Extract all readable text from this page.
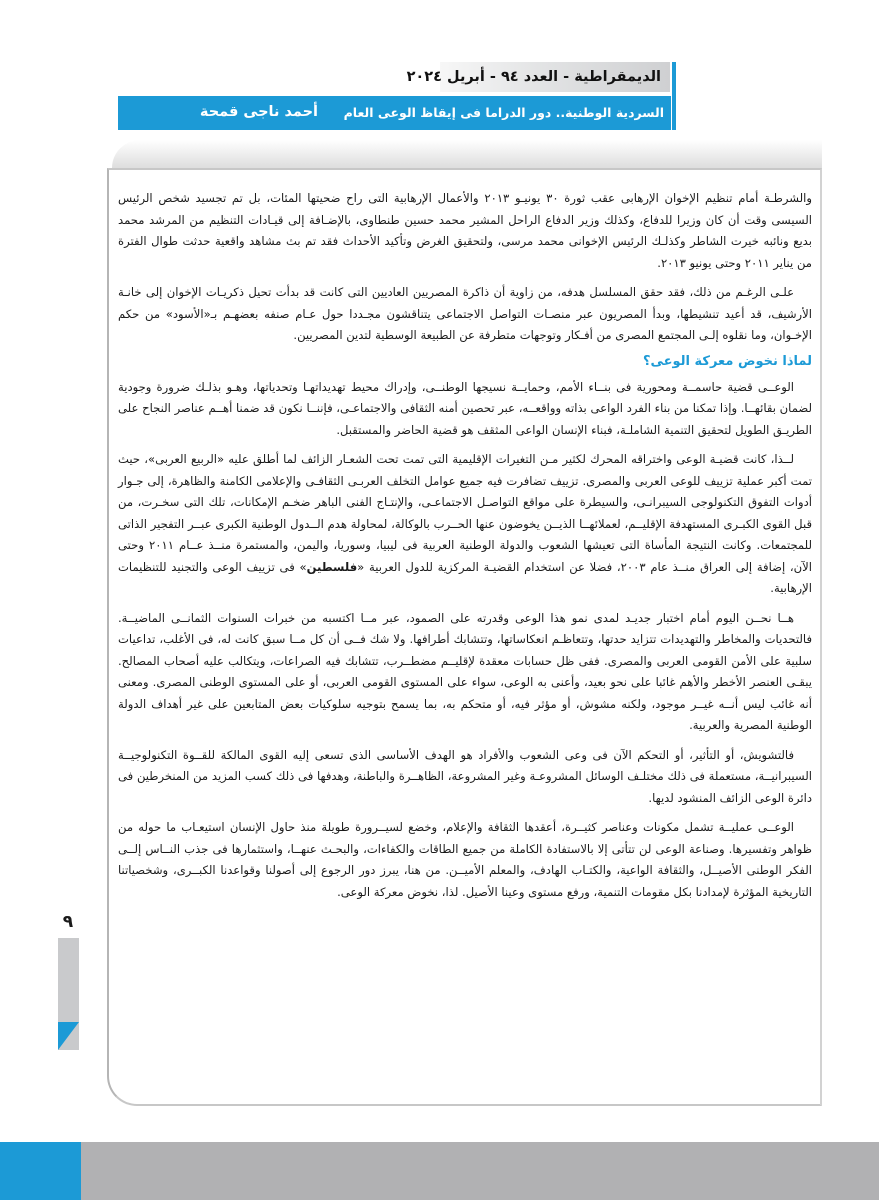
الديمقراطية - العدد ٩٤ - أبريل ٢٠٢٤
السردية الوطنية.. دور الدراما فى إيقاظ الوعى العام
أحمد ناجى قمحة

والشرطـة أمام تنظيم الإخوان الإرهابى عقب ثورة ٣٠ يونيـو ٢٠١٣ والأعمال الإرهابية التى راح ضحيتها المئات، بل تم تجسيد شخص الرئيس السيسى وقت أن كان وزيرا للدفاع، وكذلك وزير الدفاع الراحل المشير محمد حسين طنطاوى، بالإضـافة إلى قيـادات التنظيم من المرشد محمد بديع ونائبه خيرت الشاطر وكذلـك الرئيس الإخوانى محمد مرسى، ولتحقيق الغرض وتأكيد الأحداث فقد تم بث مشاهد واقعية حدثت طوال الفترة من يناير ٢٠١١ وحتى يونيو ٢٠١٣.

علـى الرغـم من ذلك، فقد حقق المسلسل هدفه، من زاوية أن ذاكرة المصريين العاديين التى كانت قد بدأت تحيل ذكريـات الإخوان إلى خانـة الأرشيف، قد أعيد تنشيطها، وبدأ المصريون عبر منصـات التواصل الاجتماعى يتناقشون مجـددا حول عـام صنفه بعضهـم بـ«الأسود» من حكم الإخـوان، وما نقلوه إلـى المجتمع المصرى من أفـكار وتوجهات متطرفة عن الطبيعة الوسطية لتدين المصريين.

لماذا نخوض معركة الوعى؟

الوعــى قضية حاسمــة ومحورية فى بنــاء الأمم، وحمايــة نسيجها الوطنــى، وإدراك محيط تهديداتهـا وتحدياتها، وهـو بذلـك ضرورة وجودية لضمان بقائهــا. وإذا تمكنا من بناء الفرد الواعى بذاته وواقعــه، عبر تحصين أمنه الثقافى والاجتماعـى، فإننــا نكون قد ضمنا أهــم عناصر النجاح على الطريـق الطويل لتحقيق التنمية الشاملـة، فبناء الإنسان الواعى المثقف هو قضية الحاضر والمستقبل.

لــذا، كانت قضيـة الوعى واختراقه المحرك لكثير مـن التغيرات الإقليمية التى تمت تحت الشعـار الزائف لما أطلق عليه «الربيع العربى»، حيث تمت أكبر عملية تزييف للوعى العربى والمصرى. تزييف تضافرت فيه جميع عوامل التخلف العربـى الثقافـى والإعلامى الكامنة والظاهرة، إلى جـوار أدوات التفوق التكنولوجى السيبرانـى، والسيطرة على مواقع التواصـل الاجتماعـى، والإنتـاج الفنى الباهر ضخـم الإمكانات، تلك التى سخـرت، من قبل القوى الكبـرى المستهدفة الإقليــم، لعملائهــا الذيــن يخوضون عنها الحــرب بالوكالة، لمحاولة هدم الــدول الوطنية الكبرى عبــر التفجير الذاتى للمجتمعات. وكانت النتيجة المأساة التى تعيشها الشعوب والدولة الوطنية العربية فى ليبيا، وسوريا، واليمن، والمستمرة منــذ عــام ٢٠١١ وحتى الآن، إضافة إلى العراق منــذ عام ٢٠٠٣، فضلا عن استخدام القضيـة المركزية للدول العربية «فلسطين» فى تزييف الوعى والتجنيد للتنظيمات الإرهابية.

هــا نحــن اليوم أمام اختبار جديـد لمدى نمو هذا الوعى وقدرته على الصمود، عبر مــا اكتسبه من خبرات السنوات الثمانــى الماضيــة. فالتحديات والمخاطر والتهديدات تتزايد حدتها، وتتعاظـم انعكاساتها، وتتشابك أطرافها. ولا شك فــى أن كل مــا سبق كانت له، فى الأغلب، تداعيات سلبية على الأمن القومى العربى والمصرى. ففى ظل حسابات معقدة لإقليــم مضطــرب، تتشابك فيه الصراعات، ويتكالب عليه أصحاب المصالح. يبقـى العنصر الأخطر والأهم غائبا على نحو بعيد، وأعنى به الوعى، سواء على المستوى القومى العربى، أو على المستوى الوطنى المصرى. ومعنى أنه غائب ليس أنــه غيــر موجود، ولكنه مشوش، أو مؤثر فيه، أو متحكم به، بما يسمح بتوجيه سلوكيات بعض المتابعين على غير أهداف الدولة الوطنية المصرية والعربية.

فالتشويش، أو التأثير، أو التحكم الآن فى وعى الشعوب والأفراد هو الهدف الأساسى الذى تسعى إليه القوى المالكة للقــوة التكنولوجيــة السيبرانيــة، مستعملة فى ذلك مختلـف الوسائل المشروعـة وغير المشروعة، الظاهــرة والباطنة، وهدفها فى ذلك كسب المزيد من المنخرطين فى دائرة الوعى الزائف المنشود لديها.

الوعــى عمليــة تشمل مكونات وعناصر كثيــرة، أعقدها الثقافة والإعلام، وخضع لسيــرورة طويلة منذ حاول الإنسان استيعـاب ما حوله من ظواهر وتفسيرها. وصناعة الوعى لن تتأتى إلا بالاستفادة الكاملة من جميع الطاقات والكفاءات، والبحـث عنهــا، واستثمارها فى جذب النــاس إلــى الفكر الوطنى الأصيــل، والثقافة الواعية، والكتـاب الهادف، والمعلم الأميــن. من هنا، يبرز دور الرجوع إلى أصولنا وقواعدنا الكبــرى، وشخصياتنا التاريخية المؤثرة لإمدادنا بكل مقومات التنمية، ورفع مستوى وعينا الأصيل. لذا، نخوض معركة الوعى.

٩
